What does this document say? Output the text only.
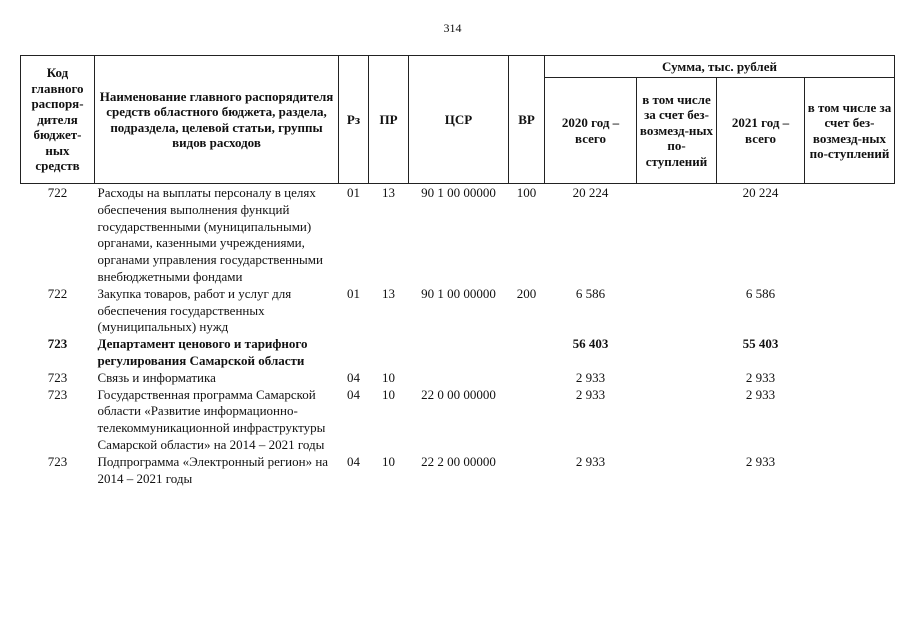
314
Код главного распоря-дителя бюджет-ных средств	Наименование главного распорядителя средств областного бюджета, раздела, подраздела, целевой статьи, группы видов расходов	Рз	ПР	ЦСР	ВР	Сумма, тыс. рублей			
						2020 год – всего	в том числе за счет без-возмезд-ных по-ступлений	2021 год – всего	в том числе за счет без-возмезд-ных по-ступлений
722	Расходы на выплаты персоналу в целях обеспечения выполнения функций государственными (муниципальными) органами, казенными учреждениями, органами управления государственными внебюджетными фондами	01	13	90 1 00 00000	100	20 224		20 224	
722	Закупка товаров, работ и услуг для обеспечения государственных (муниципальных) нужд	01	13	90 1 00 00000	200	6 586		6 586	
723	Департамент ценового и тарифного регулирования Самарской области					56 403		55 403	
723	Связь и информатика	04	10			2 933		2 933	
723	Государственная программа Самарской области «Развитие информационно-телекоммуникационной инфраструктуры Самарской области» на 2014 – 2021 годы	04	10	22 0 00 00000		2 933		2 933	
723	Подпрограмма «Электронный регион» на 2014 – 2021 годы	04	10	22 2 00 00000		2 933		2 933	
